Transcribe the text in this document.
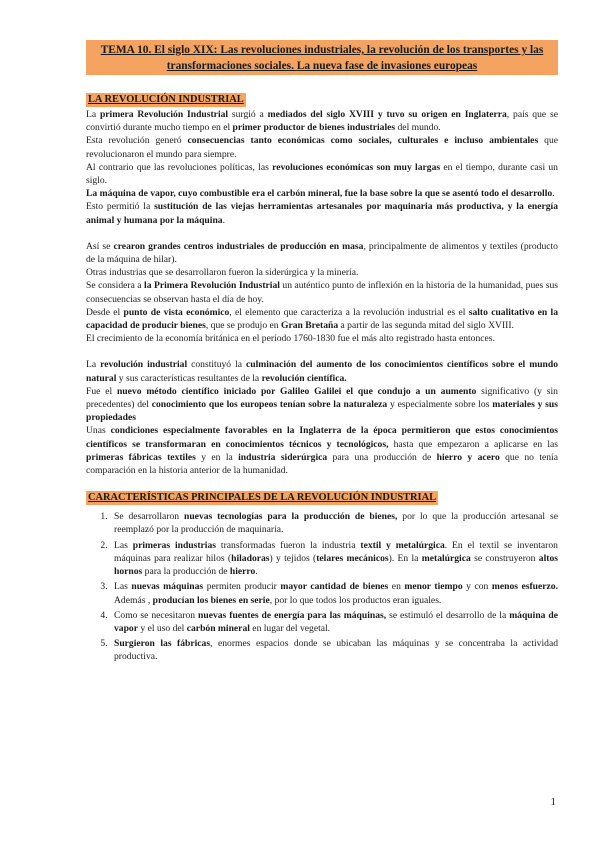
TEMA 10. El siglo XIX: Las revoluciones industriales, la revolución de los transportes y las transformaciones sociales. La nueva fase de invasiones europeas
LA REVOLUCIÓN INDUSTRIAL

La primera Revolución Industrial surgió a mediados del siglo XVIII y tuvo su origen en Inglaterra, país que se convirtió durante mucho tiempo en el primer productor de bienes industriales del mundo.

Esta revolución generó consecuencias tanto económicas como sociales, culturales e incluso ambientales que revolucionaron el mundo para siempre.

Al contrario que las revoluciones políticas, las revoluciones económicas son muy largas en el tiempo, durante casi un siglo.

La máquina de vapor, cuyo combustible era el carbón mineral, fue la base sobre la que se asentó todo el desarrollo.

Esto permitió la sustitución de las viejas herramientas artesanales por maquinaria más productiva, y la energía animal y humana por la máquina.

Así se crearon grandes centros industriales de producción en masa, principalmente de alimentos y textiles (producto de la máquina de hilar).

Otras industrias que se desarrollaron fueron la siderúrgica y la minería.

Se considera a la Primera Revolución Industrial un auténtico punto de inflexión en la historia de la humanidad, pues sus consecuencias se observan hasta el día de hoy.

Desde el punto de vista económico, el elemento que caracteriza a la revolución industrial es el salto cualitativo en la capacidad de producir bienes, que se produjo en Gran Bretaña a partir de las segunda mitad del siglo XVIII.

El crecimiento de la economía británica en el período 1760-1830 fue el más alto registrado hasta entonces.

La revolución industrial constituyó la culminación del aumento de los conocimientos científicos sobre el mundo natural y sus características resultantes de la revolución científica.

Fue el nuevo método científico iniciado por Galileo Galilei el que condujo a un aumento significativo (y sin precedentes) del conocimiento que los europeos tenían sobre la naturaleza y especialmente sobre los materiales y sus propiedades

Unas condiciones especialmente favorables en la Inglaterra de la época permitieron que estos conocimientos científicos se transformaran en conocimientos técnicos y tecnológicos, hasta que empezaron a aplicarse en las primeras fábricas textiles y en la industria siderúrgica para una producción de hierro y acero que no tenía comparación en la historia anterior de la humanidad.

CARACTERÍSTICAS PRINCIPALES DE LA REVOLUCIÓN INDUSTRIAL
1. Se desarrollaron nuevas tecnologías para la producción de bienes, por lo que la producción artesanal se reemplazó por la producción de maquinaria.
2. Las primeras industrias transformadas fueron la industria textil y metalúrgica. En el textil se inventaron máquinas para realizar hilos (hiladoras) y tejidos (telares mecánicos). En la metalúrgica se construyeron altos hornos para la producción de hierro.
3. Las nuevas máquinas permiten producir mayor cantidad de bienes en menor tiempo y con menos esfuerzo. Además , producían los bienes en serie, por lo que todos los productos eran iguales.
4. Como se necesitaron nuevas fuentes de energía para las máquinas, se estimuló el desarrollo de la máquina de vapor y el uso del carbón mineral en lugar del vegetal.
5. Surgieron las fábricas, enormes espacios donde se ubicaban las máquinas y se concentraba la actividad productiva.
1
